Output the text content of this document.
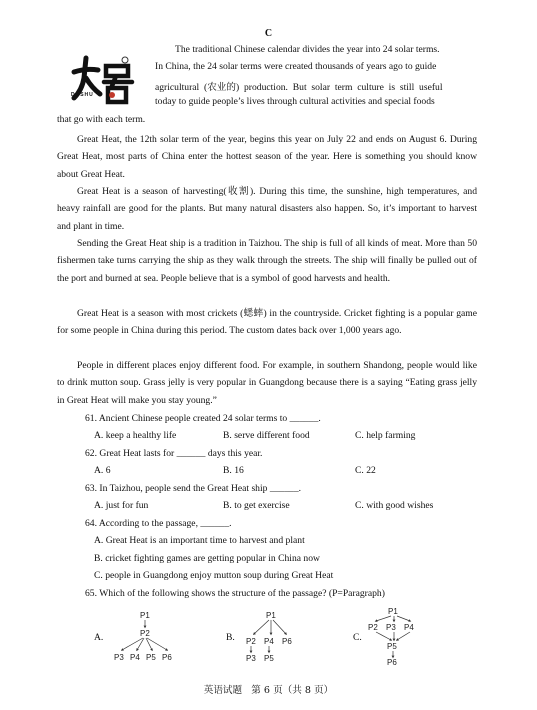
C
DASHU
The traditional Chinese calendar divides the year into 24 solar terms.
In China, the 24 solar terms were created thousands of years ago to guide
agricultural (农业的) production. But solar term culture is still useful
today to guide people’s lives through cultural activities and special foods
that go with each term.
Great Heat, the 12th solar term of the year, begins this year on July 22 and ends on August 6. During Great Heat, most parts of China enter the hottest season of the year. Here is something you should know about Great Heat.
Great Heat is a season of harvesting(收割). During this time, the sunshine, high temperatures, and heavy rainfall are good for the plants. But many natural disasters also happen. So, it’s important to harvest and plant in time.
Sending the Great Heat ship is a tradition in Taizhou. The ship is full of all kinds of meat. More than 50 fishermen take turns carrying the ship as they walk through the streets. The ship will finally be pulled out of the port and burned at sea. People believe that is a symbol of good harvests and health.
Great Heat is a season with most crickets (蟋蟀) in the countryside. Cricket fighting is a popular game for some people in China during this period. The custom dates back over 1,000 years ago.
People in different places enjoy different food. For example, in southern Shandong, people would like to drink mutton soup. Grass jelly is very popular in Guangdong because there is a saying “Eating grass jelly in Great Heat will make you stay young.”
61. Ancient Chinese people created 24 solar terms to ______.
A. keep a healthy life	B. serve different food	C. help farming
62. Great Heat lasts for ______ days this year.
A. 6	B. 16	C. 22
63. In Taizhou, people send the Great Heat ship ______.
A. just for fun	B. to get exercise	C. with good wishes
64. According to the passage, ______.
A. Great Heat is an important time to harvest and plant
B. cricket fighting games are getting popular in China now
C. people in Guangdong enjoy mutton soup during Great Heat
65. Which of the following shows the structure of the passage? (P=Paragraph)
A.
P1
P2
P3 P4 P5 P6
B.
P1
P2 P4 P6
P3 P5
C.
P1
P2 P3 P4
P5
P6
英语试题   第 6 页（共 8 页）
